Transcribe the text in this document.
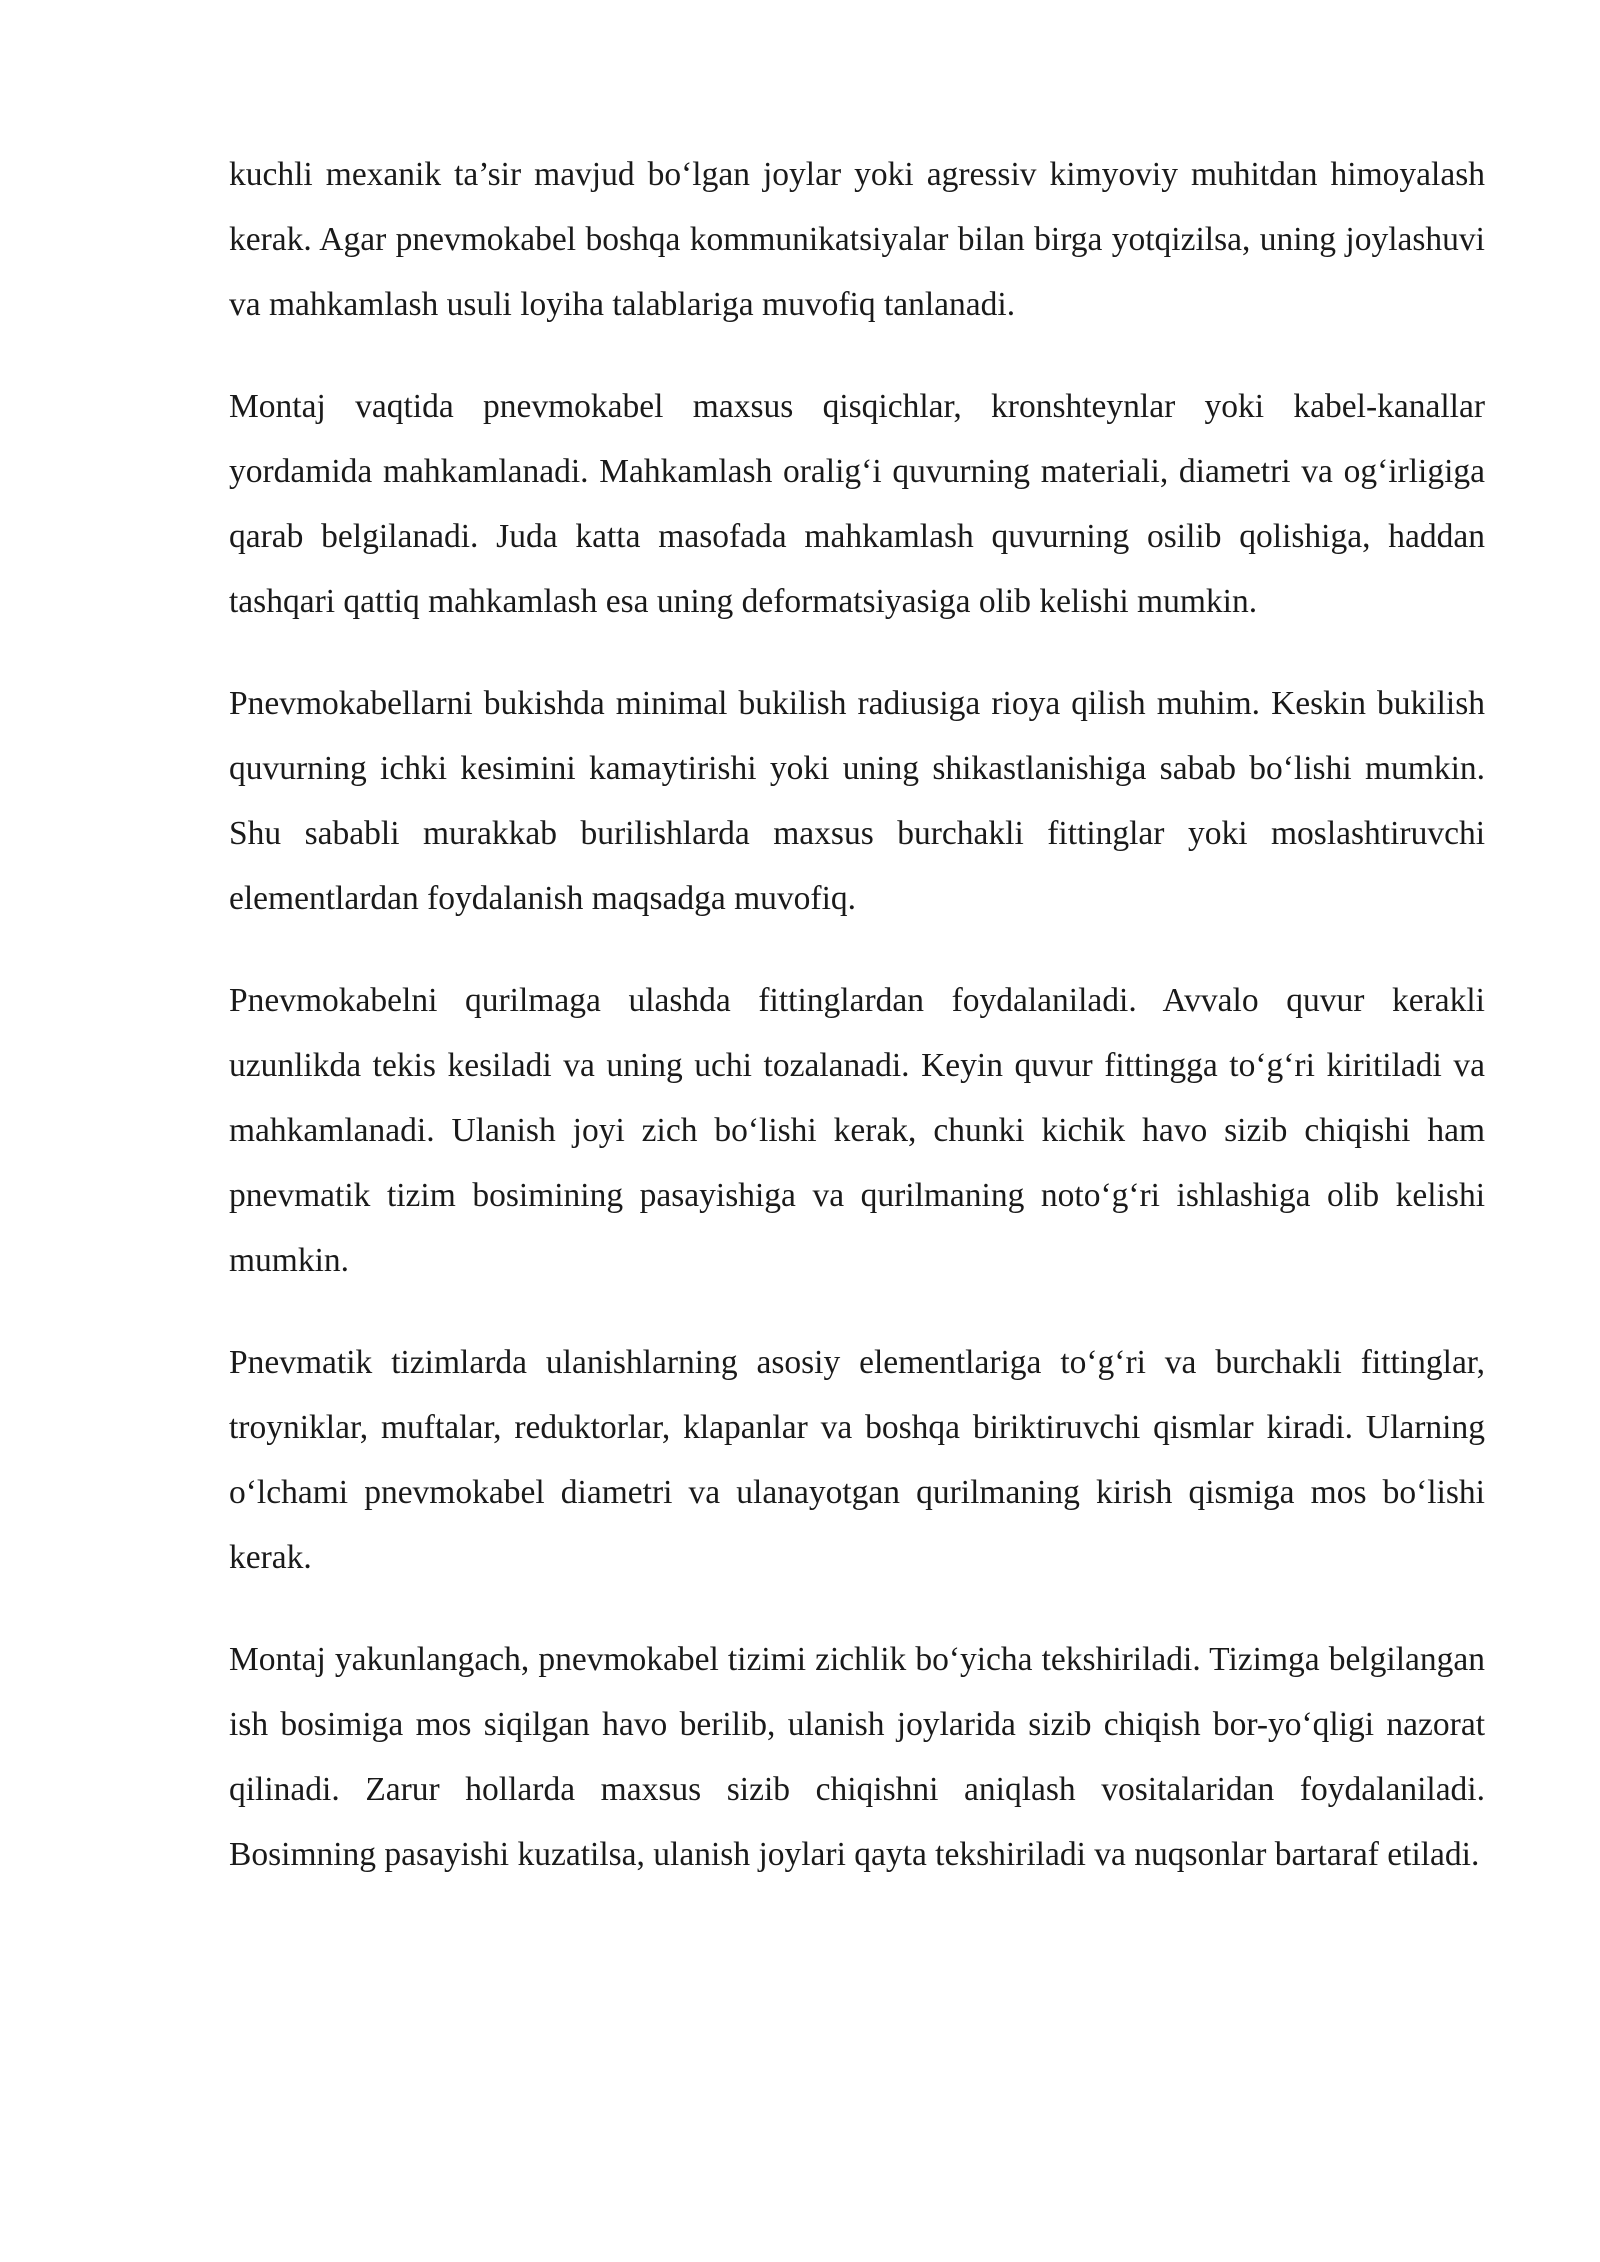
kuchli mexanik ta’sir mavjud bo‘lgan joylar yoki agressiv kimyoviy muhitdan himoyalash kerak. Agar pnevmokabel boshqa kommunikatsiyalar bilan birga yotqizilsa, uning joylashuvi va mahkamlash usuli loyiha talablariga muvofiq tanlanadi.

Montaj vaqtida pnevmokabel maxsus qisqichlar, kronshteynlar yoki kabel-kanallar yordamida mahkamlanadi. Mahkamlash oralig‘i quvurning materiali, diametri va og‘irligiga qarab belgilanadi. Juda katta masofada mahkamlash quvurning osilib qolishiga, haddan tashqari qattiq mahkamlash esa uning deformatsiyasiga olib kelishi mumkin.

Pnevmokabellarni bukishda minimal bukilish radiusiga rioya qilish muhim. Keskin bukilish quvurning ichki kesimini kamaytirishi yoki uning shikastlanishiga sabab bo‘lishi mumkin. Shu sababli murakkab burilishlarda maxsus burchakli fittinglar yoki moslashtiruvchi elementlardan foydalanish maqsadga muvofiq.

Pnevmokabelni qurilmaga ulashda fittinglardan foydalaniladi. Avvalo quvur kerakli uzunlikda tekis kesiladi va uning uchi tozalanadi. Keyin quvur fittingga to‘g‘ri kiritiladi va mahkamlanadi. Ulanish joyi zich bo‘lishi kerak, chunki kichik havo sizib chiqishi ham pnevmatik tizim bosimining pasayishiga va qurilmaning noto‘g‘ri ishlashiga olib kelishi mumkin.

Pnevmatik tizimlarda ulanishlarning asosiy elementlariga to‘g‘ri va burchakli fittinglar, troyniklar, muftalar, reduktorlar, klapanlar va boshqa biriktiruvchi qismlar kiradi. Ularning o‘lchami pnevmokabel diametri va ulanayotgan qurilmaning kirish qismiga mos bo‘lishi kerak.

Montaj yakunlangach, pnevmokabel tizimi zichlik bo‘yicha tekshiriladi. Tizimga belgilangan ish bosimiga mos siqilgan havo berilib, ulanish joylarida sizib chiqish bor-yo‘qligi nazorat qilinadi. Zarur hollarda maxsus sizib chiqishni aniqlash vositalaridan foydalaniladi. Bosimning pasayishi kuzatilsa, ulanish joylari qayta tekshiriladi va nuqsonlar bartaraf etiladi.
